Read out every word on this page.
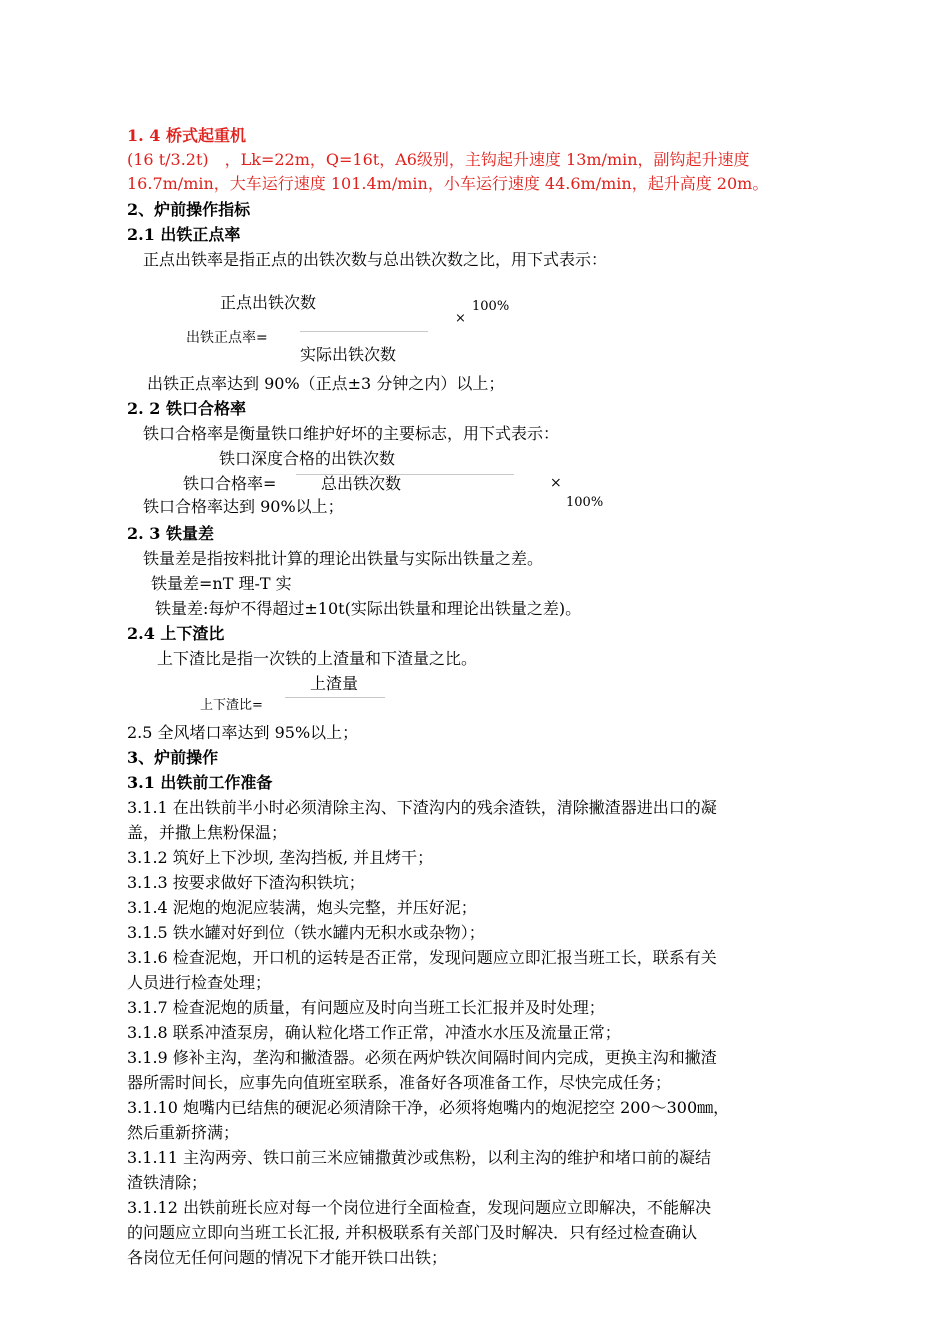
1. 4 桥式起重机
(16 t/3.2t)　，Lk=22m，Q=16t，A6级别，主钩起升速度 13m/min，副钩起升速度
16.7m/min，大车运行速度 101.4m/min，小车运行速度 44.6m/min，起升高度 20m。
2、炉前操作指标
2.1 出铁正点率
正点出铁率是指正点的出铁次数与总出铁次数之比，用下式表示：
正点出铁次数
×
100%
出铁正点率=
实际出铁次数
出铁正点率达到 90%（正点±3 分钟之内）以上；
2. 2 铁口合格率
铁口合格率是衡量铁口维护好坏的主要标志，用下式表示：
铁口深度合格的出铁次数
铁口合格率=	总出铁次数	×
100%
铁口合格率达到 90%以上；
2. 3 铁量差
铁量差是指按料批计算的理论出铁量与实际出铁量之差。
铁量差=nT 理-T 实
铁量差:每炉不得超过±10t(实际出铁量和理论出铁量之差)。
2.4 上下渣比
上下渣比是指一次铁的上渣量和下渣量之比。
上渣量
上下渣比=
2.5 全风堵口率达到 95%以上；
3、炉前操作
3.1 出铁前工作准备
3.1.1 在出铁前半小时必须清除主沟、下渣沟内的残余渣铁，清除撇渣器进出口的凝
盖，并撒上焦粉保温；
3.1.2 筑好上下沙坝, 垄沟挡板, 并且烤干；
3.1.3 按要求做好下渣沟积铁坑；
3.1.4 泥炮的炮泥应装满，炮头完整，并压好泥；
3.1.5 铁水罐对好到位（铁水罐内无积水或杂物）；
3.1.6 检查泥炮，开口机的运转是否正常，发现问题应立即汇报当班工长，联系有关
人员进行检查处理；
3.1.7 检查泥炮的质量，有问题应及时向当班工长汇报并及时处理；
3.1.8 联系冲渣泵房，确认粒化塔工作正常，冲渣水水压及流量正常；
3.1.9 修补主沟，垄沟和撇渣器。必须在两炉铁次间隔时间内完成，更换主沟和撇渣
器所需时间长，应事先向值班室联系，准备好各项准备工作，尽快完成任务；
3.1.10 炮嘴内已结焦的硬泥必须清除干净，必须将炮嘴内的炮泥挖空 200～300㎜，
然后重新挤满；
3.1.11 主沟两旁、铁口前三米应铺撒黄沙或焦粉，以利主沟的维护和堵口前的凝结
渣铁清除；
3.1.12 出铁前班长应对每一个岗位进行全面检查，发现问题应立即解决，不能解决
的问题应立即向当班工长汇报, 并积极联系有关部门及时解决．只有经过检查确认
各岗位无任何问题的情况下才能开铁口出铁；
